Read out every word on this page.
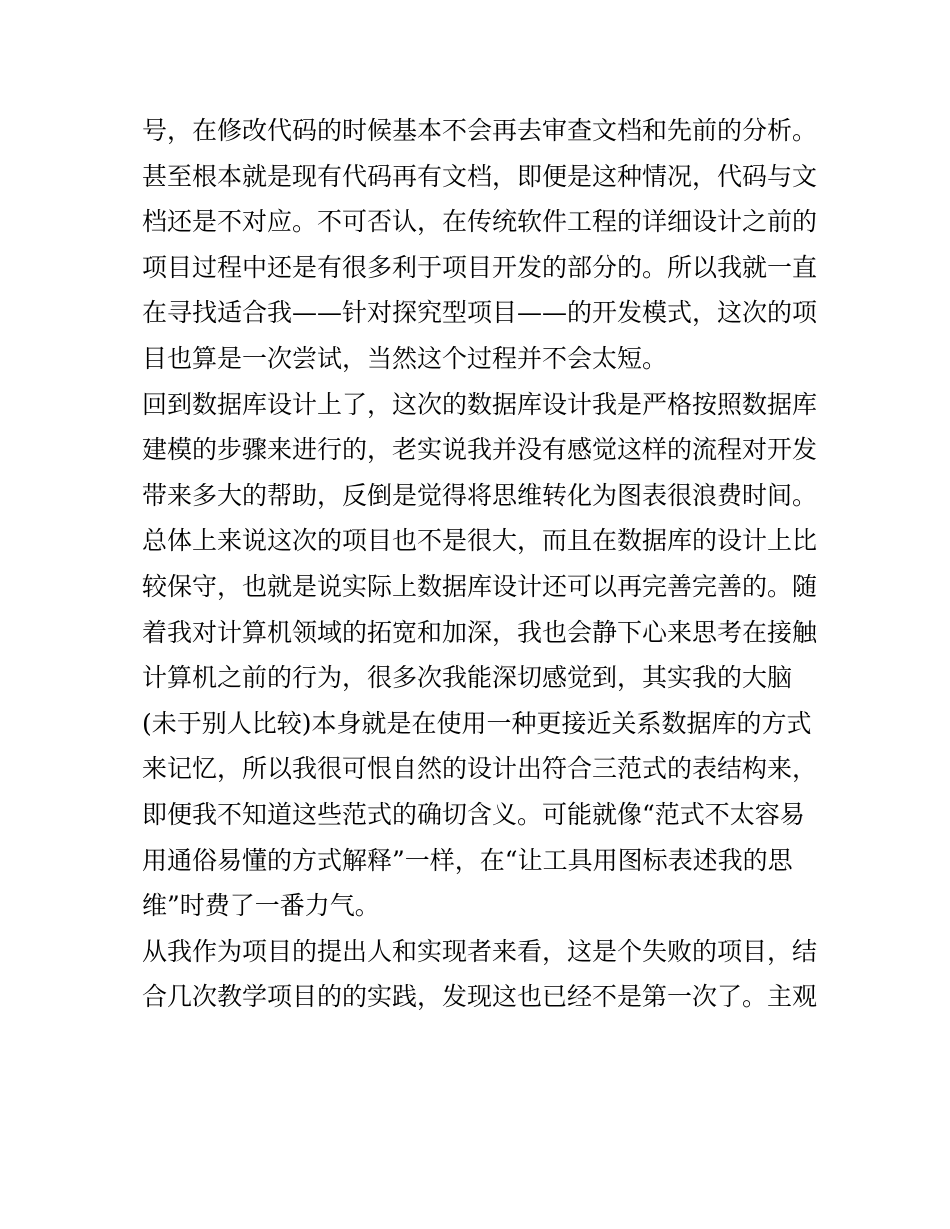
号，在修改代码的时候基本不会再去审查文档和先前的分析。
甚至根本就是现有代码再有文档，即便是这种情况，代码与文
档还是不对应。不可否认，在传统软件工程的详细设计之前的
项目过程中还是有很多利于项目开发的部分的。所以我就一直
在寻找适合我——针对探究型项目——的开发模式，这次的项
目也算是一次尝试，当然这个过程并不会太短。
回到数据库设计上了，这次的数据库设计我是严格按照数据库
建模的步骤来进行的，老实说我并没有感觉这样的流程对开发
带来多大的帮助，反倒是觉得将思维转化为图表很浪费时间。
总体上来说这次的项目也不是很大，而且在数据库的设计上比
较保守，也就是说实际上数据库设计还可以再完善完善的。随
着我对计算机领域的拓宽和加深，我也会静下心来思考在接触
计算机之前的行为，很多次我能深切感觉到，其实我的大脑
(未于别人比较)本身就是在使用一种更接近关系数据库的方式
来记忆，所以我很可恨自然的设计出符合三范式的表结构来，
即便我不知道这些范式的确切含义。可能就像“范式不太容易
用通俗易懂的方式解释”一样，在“让工具用图标表述我的思
维”时费了一番力气。
从我作为项目的提出人和实现者来看，这是个失败的项目，结
合几次教学项目的的实践，发现这也已经不是第一次了。主观
